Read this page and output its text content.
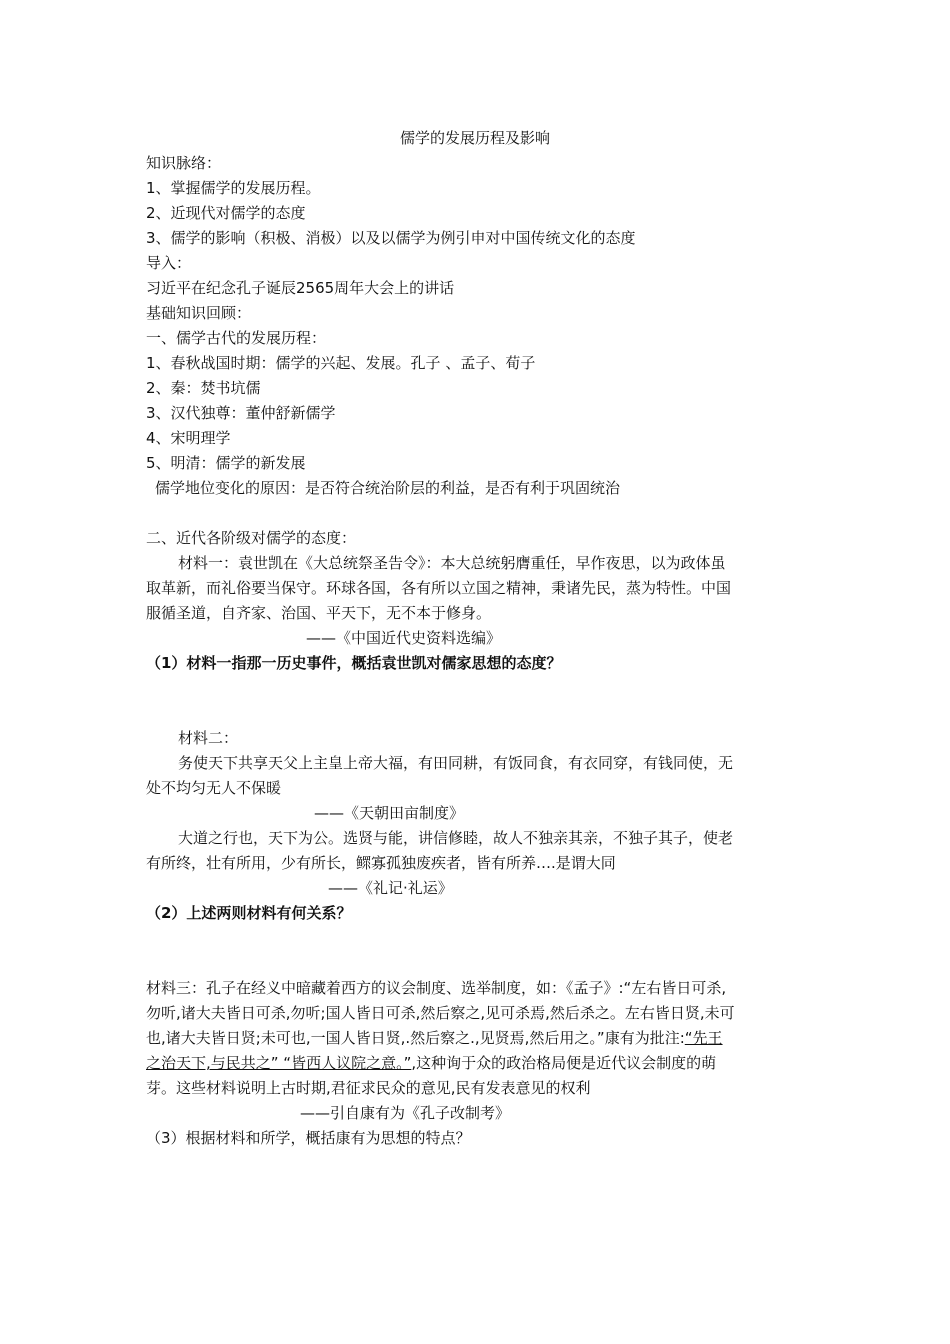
儒学的发展历程及影响
知识脉络：
1、掌握儒学的发展历程。
2、近现代对儒学的态度
3、儒学的影响（积极、消极）以及以儒学为例引申对中国传统文化的态度
导入：
习近平在纪念孔子诞辰2565周年大会上的讲话
基础知识回顾：
一、儒学古代的发展历程：
1、春秋战国时期：儒学的兴起、发展。孔子 、孟子、荀子
2、秦：焚书坑儒
3、汉代独尊：董仲舒新儒学
4、宋明理学
5、明清：儒学的新发展
儒学地位变化的原因：是否符合统治阶层的利益，是否有利于巩固统治
二、近代各阶级对儒学的态度：
材料一：袁世凯在《大总统祭圣告令》：本大总统躬膺重任，早作夜思，以为政体虽
取革新，而礼俗要当保守。环球各国，各有所以立国之精神，秉诸先民，蒸为特性。中国
服循圣道，自齐家、治国、平天下，无不本于修身。
——《中国近代史资料选编》
（1）材料一指那一历史事件，概括袁世凯对儒家思想的态度？
材料二：
务使天下共享天父上主皇上帝大福，有田同耕，有饭同食，有衣同穿，有钱同使，无
处不均匀无人不保暖
——《天朝田亩制度》
大道之行也，天下为公。选贤与能，讲信修睦，故人不独亲其亲，不独子其子，使老
有所终，壮有所用，少有所长，鳏寡孤独废疾者，皆有所养….是谓大同
——《礼记·礼运》
（2）上述两则材料有何关系？
材料三：孔子在经义中暗藏着西方的议会制度、选举制度，如：《孟子》:“左右皆日可杀,
勿听,诸大夫皆日可杀,勿听;国人皆日可杀,然后察之,见可杀焉,然后杀之。左右皆日贤,未可
也,诸大夫皆日贤;未可也,一国人皆日贤,.然后察之.,见贤焉,然后用之。”康有为批注:“先王
之治天下,与民共之” “皆西人议院之意。”,这种询于众的政治格局便是近代议会制度的萌
芽。这些材料说明上古时期,君征求民众的意见,民有发表意见的权利
——引自康有为《孔子改制考》
（3）根据材料和所学，概括康有为思想的特点？
